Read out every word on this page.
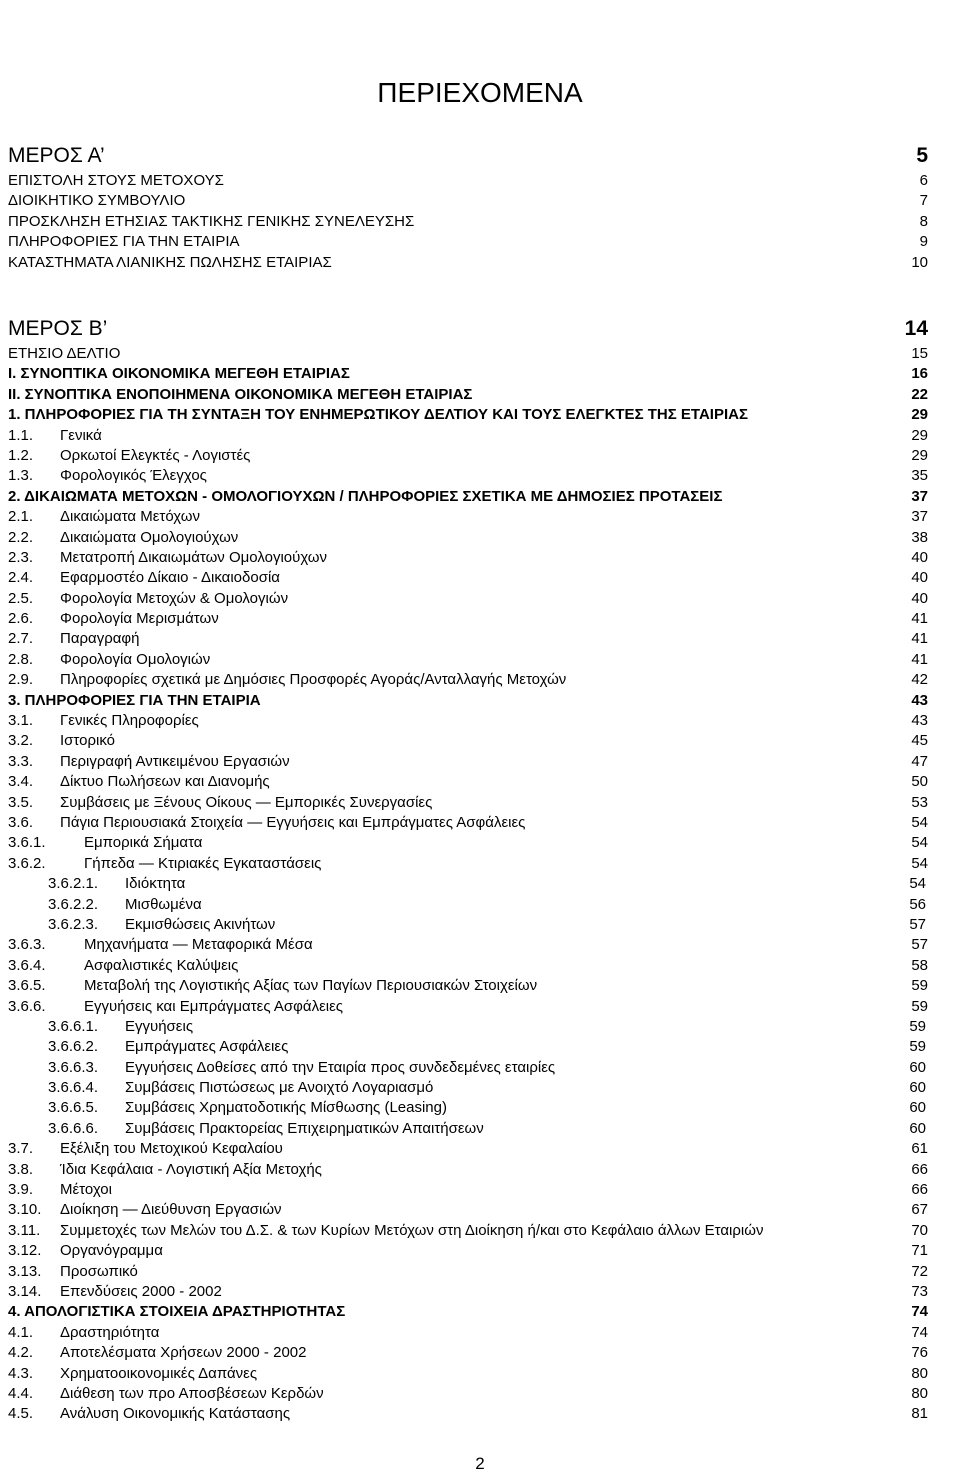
ΠΕΡΙΕΧΟΜΕΝΑ
ΜΕΡΟΣ Α’	5
ΕΠΙΣΤΟΛΗ ΣΤΟΥΣ ΜΕΤΟΧΟΥΣ	6
ΔΙΟΙΚΗΤΙΚΟ ΣΥΜΒΟΥΛΙΟ	7
ΠΡΟΣΚΛΗΣΗ ΕΤΗΣΙΑΣ ΤΑΚΤΙΚΗΣ ΓΕΝΙΚΗΣ ΣΥΝΕΛΕΥΣΗΣ	8
ΠΛΗΡΟΦΟΡΙΕΣ ΓΙΑ ΤΗΝ ΕΤΑΙΡΙΑ	9
ΚΑΤΑΣΤΗΜΑΤΑ ΛΙΑΝΙΚΗΣ ΠΩΛΗΣΗΣ ΕΤΑΙΡΙΑΣ	10
ΜΕΡΟΣ Β’	14
ΕΤΗΣΙΟ ΔΕΛΤΙΟ	15
Ι. ΣΥΝΟΠΤΙΚΑ ΟΙΚΟΝΟΜΙΚΑ ΜΕΓΕΘΗ ΕΤΑΙΡΙΑΣ	16
ΙΙ. ΣΥΝΟΠΤΙΚΑ ΕΝΟΠΟΙΗΜΕΝΑ ΟΙΚΟΝΟΜΙΚΑ ΜΕΓΕΘΗ ΕΤΑΙΡΙΑΣ	22
1. ΠΛΗΡΟΦΟΡΙΕΣ ΓΙΑ ΤΗ ΣΥΝΤΑΞΗ ΤΟΥ ΕΝΗΜΕΡΩΤΙΚΟΥ ΔΕΛΤΙΟΥ ΚΑΙ ΤΟΥΣ ΕΛΕΓΚΤΕΣ ΤΗΣ ΕΤΑΙΡΙΑΣ	29
1.1. Γενικά	29
1.2. Ορκωτοί Ελεγκτές - Λογιστές	29
1.3. Φορολογικός Έλεγχος	35
2. ΔΙΚΑΙΩΜΑΤΑ ΜΕΤΟΧΩΝ - ΟΜΟΛΟΓΙΟΥΧΩΝ / ΠΛΗΡΟΦΟΡΙΕΣ ΣΧΕΤΙΚΑ ΜΕ ΔΗΜΟΣΙΕΣ ΠΡΟΤΑΣΕΙΣ	37
2.1. Δικαιώματα Μετόχων	37
2.2. Δικαιώματα Ομολογιούχων	38
2.3. Μετατροπή Δικαιωμάτων Ομολογιούχων	40
2.4. Εφαρμοστέο Δίκαιο - Δικαιοδοσία	40
2.5. Φορολογία Μετοχών & Ομολογιών	40
2.6. Φορολογία Μερισμάτων	41
2.7. Παραγραφή	41
2.8. Φορολογία Ομολογιών	41
2.9. Πληροφορίες σχετικά με Δημόσιες Προσφορές Αγοράς/Ανταλλαγής Μετοχών	42
3. ΠΛΗΡΟΦΟΡΙΕΣ ΓΙΑ ΤΗΝ ΕΤΑΙΡΙΑ	43
3.1. Γενικές Πληροφορίες	43
3.2. Ιστορικό	45
3.3. Περιγραφή Αντικειμένου Εργασιών	47
3.4. Δίκτυο Πωλήσεων και Διανομής	50
3.5. Συμβάσεις με Ξένους Οίκους — Εμπορικές Συνεργασίες	53
3.6. Πάγια Περιουσιακά Στοιχεία — Εγγυήσεις και Εμπράγματες Ασφάλειες	54
3.6.1.	Εμπορικά Σήματα	54
3.6.2.	Γήπεδα — Κτιριακές Εγκαταστάσεις	54
3.6.2.1. Ιδιόκτητα	54
3.6.2.2. Μισθωμένα	56
3.6.2.3. Εκμισθώσεις Ακινήτων	57
3.6.3.	Μηχανήματα — Μεταφορικά Μέσα	57
3.6.4.	Ασφαλιστικές Καλύψεις	58
3.6.5.	Μεταβολή της Λογιστικής Αξίας των Παγίων Περιουσιακών Στοιχείων	59
3.6.6.	Εγγυήσεις και Εμπράγματες Ασφάλειες	59
3.6.6.1. Εγγυήσεις	59
3.6.6.2. Εμπράγματες Ασφάλειες	59
3.6.6.3. Εγγυήσεις Δοθείσες από την Εταιρία προς συνδεδεμένες εταιρίες	60
3.6.6.4. Συμβάσεις Πιστώσεως με Ανοιχτό Λογαριασμό	60
3.6.6.5. Συμβάσεις Χρηματοδοτικής Μίσθωσης (Leasing)	60
3.6.6.6. Συμβάσεις Πρακτορείας Επιχειρηματικών Απαιτήσεων	60
3.7. Εξέλιξη του Μετοχικού Κεφαλαίου	61
3.8. Ίδια Κεφάλαια - Λογιστική Αξία Μετοχής	66
3.9. Μέτοχοι	66
3.10. Διοίκηση — Διεύθυνση Εργασιών	67
3.11. Συμμετοχές των Μελών του Δ.Σ. & των Κυρίων Μετόχων στη Διοίκηση ή/και στο Κεφάλαιο άλλων Εταιριών	70
3.12. Οργανόγραμμα	71
3.13. Προσωπικό	72
3.14. Επενδύσεις 2000 - 2002	73
4. ΑΠΟΛΟΓΙΣΤΙΚΑ ΣΤΟΙΧΕΙΑ ΔΡΑΣΤΗΡΙΟΤΗΤΑΣ	74
4.1. Δραστηριότητα	74
4.2. Αποτελέσματα Χρήσεων 2000 - 2002	76
4.3. Χρηματοοικονομικές Δαπάνες	80
4.4. Διάθεση των προ Αποσβέσεων Κερδών	80
4.5. Ανάλυση Οικονομικής Κατάστασης	81
2
